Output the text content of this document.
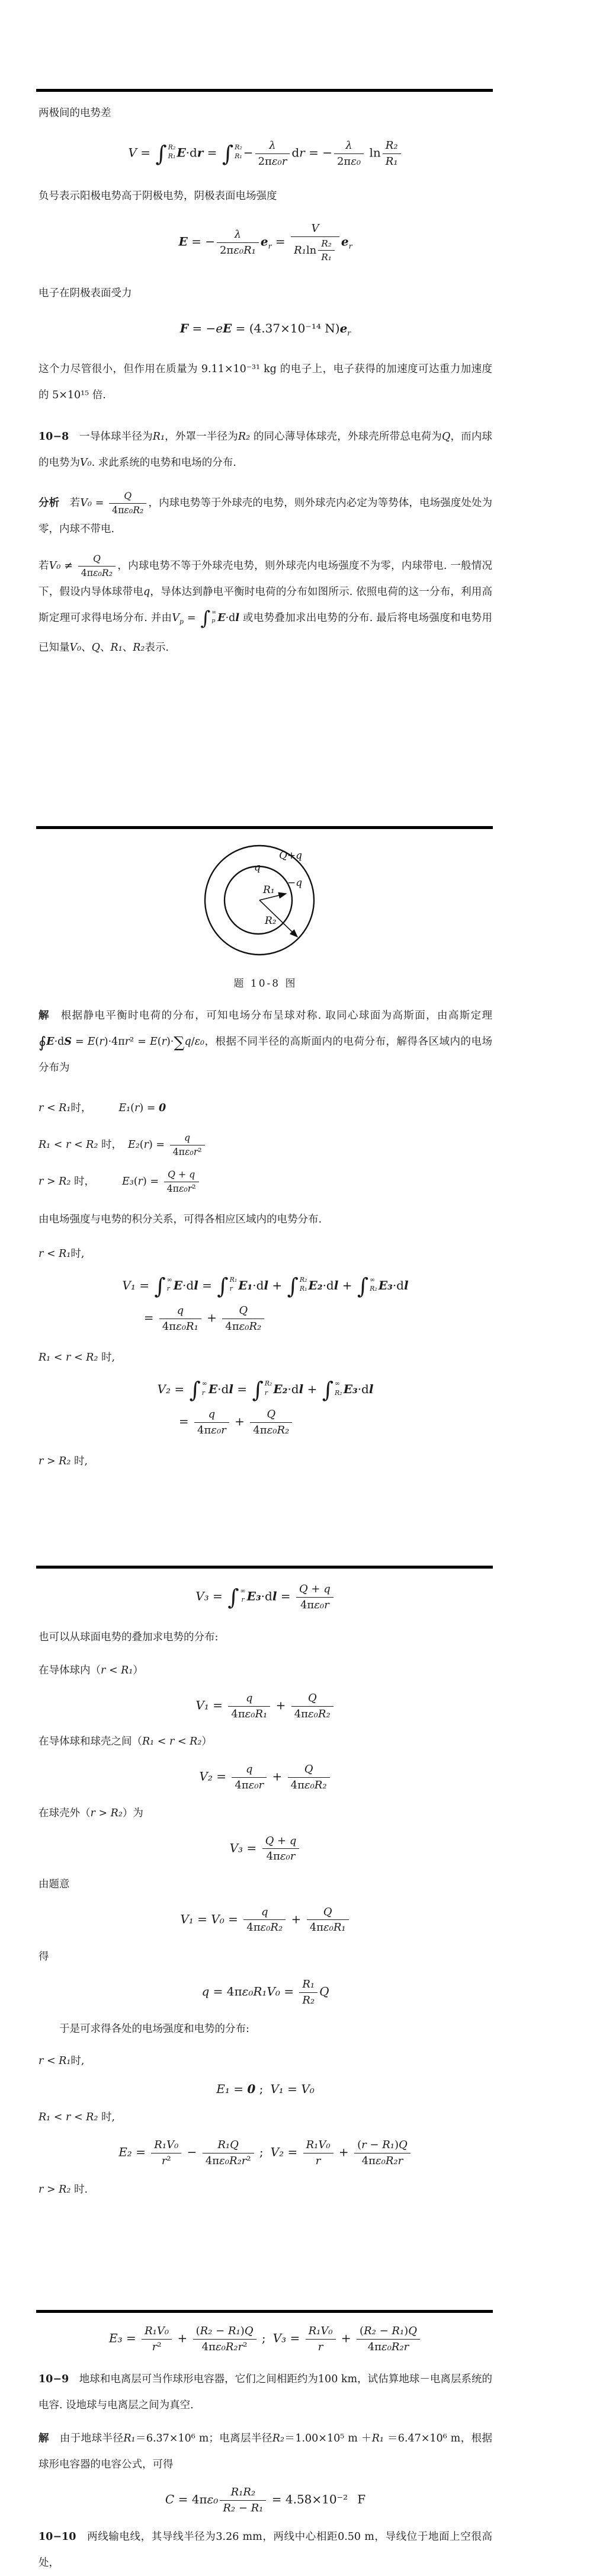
两极间的电势差
V = ∫ R₂
R₁ E·dr = ∫ R₂
$R_1 - \frac{\lambda}{\text{2πε₀r}}$ dr = − $\frac{\lambda}{\text{2πε₀}}$ $\ln \frac{\text{R₂}}{\text{R₁}}$
负号表示阳极电势高于阴极电势，阴极表面电场强度
E = − $\frac{\lambda}{\text{2πε₀R₁}} e_r = \frac{V}{R_1\ln \frac{\text{R₂}}{\text{R₁}}} e_r$
电子在阴极表面受力
F = −eE = (4.37×10⁻¹⁴ $N)e_r$
这个力尽管很小，但作用在质量为 9.11×10⁻³¹ kg 的电子上，电子获得的加速度可达重力加速度的 5×10¹⁵ 倍.
10−8　一导体球半径为R₁，外罩一半径为R₂ 的同心薄导体球壳，外球壳所带总电荷为Q，而内球的电势为V₀. 求此系统的电势和电场的分布.
分析　若$V_0 = \frac{Q}{\text{4πε₀R₂}}$ ，内球电势等于外球壳的电势，则外球壳内必定为等势体，电场强度处处为零，内球不带电.
若$V_0 \ne \frac{Q}{\text{4πε₀R₂}}$ ，内球电势不等于外球壳电势，则外球壳内电场强度不为零，内球带电. 一般情况下，假设内导体球带电q，导体达到静电平衡时电荷的分布如图所示. 依照电荷的这一分布，利用高斯定理可求得电场分布. 并由$V_p$ = ∫ ∞
p E·dl 或电势叠加求出电势的分布. 最后将电场强度和电势用已知量V₀、Q、R₁、R₂表示.
Q+q
q
−q
R₁
R₂
题 10-8 图
解　根据静电平衡时电荷的分布，可知电场分布呈球对称. 取同心球面为高斯面，由高斯定理 ∮E·dS = E(r)·4πr² = E(r)·∑q/ε₀，根据不同半径的高斯面内的电荷分布，解得各区域内的电场分布为
r < R₁时，	E₁(r) = 0
R₁ < r < R₂ 时， $E_2(r) = \frac{q}{\text{4πε₀r²}}$
r > R₂ 时，	$E_3(r) = \frac{Q + q}{\text{4πε₀r²}}$
由电场强度与电势的积分关系，可得各相应区域内的电势分布.
r < R₁时,
V₁ = ∫ ∞
r E·dl = ∫ R₁
r E₁·dl + ∫ R₂
R₁ E₂·dl + ∫ ∞
R₂ E₃·dl
= $\frac{q}{\text{4πε₀R₁}} + \frac{Q}{\text{4πε₀R₂}}$
R₁ < r < R₂ 时,
V₂ = ∫ ∞
r E·dl = ∫ R₂
r E₂·dl + ∫ ∞
R₂ E₃·dl
= $\frac{q}{\text{4πε₀r}} + \frac{Q}{\text{4πε₀R₂}}$
r > R₂ 时,
V₃ = ∫ ∞
r $E_3\cdot dl = \frac{Q + q}{\text{4πε₀r}}$
也可以从球面电势的叠加求电势的分布:
在导体球内（r < R₁）
$V_1 = \frac{q}{\text{4πε₀R₁}} + \frac{Q}{\text{4πε₀R₂}}$
在导体球和球壳之间（R₁ < r < R₂）
$V_2 = \frac{q}{\text{4πε₀r}} + \frac{Q}{\text{4πε₀R₂}}$
在球壳外（r > R₂）为
$V_3 = \frac{Q + q}{\text{4πε₀r}}$
由题意
$V_1 = V_0 = \frac{q}{\text{4πε₀R₂}} + \frac{Q}{\text{4πε₀R₁}}$
得
$q = 4\pi\varepsilon_0R_1V_0 = \frac{\text{R₁}}{\text{R₂}}$ Q
　　于是可求得各处的电场强度和电势的分布:
r < R₁时,
E₁ = 0 ; V₁ = V₀
R₁ < r < R₂ 时,
$E_2 = \frac{\text{R₁V₀}}{\text{r²}} - \frac{\text{R₁Q}}{\text{4πε₀R₂r²}}$ ; $V_2 = \frac{\text{R₁V₀}}{r} + \frac{\text{(r − R₁)Q}}{\text{4πε₀R₂r}}$
r > R₂ 时.
$E_3 = \frac{\text{R₁V₀}}{\text{r²}} + \frac{\text{(R₂ − R₁)Q}}{\text{4πε₀R₂r²}}$ ; $V_3 = \frac{\text{R₁V₀}}{r} + \frac{\text{(R₂ − R₁)Q}}{\text{4πε₀R₂r}}$
10−9　地球和电离层可当作球形电容器，它们之间相距约为100 km，试估算地球－电离层系统的电容. 设地球与电离层之间为真空.
解　由于地球半径R₁＝6.37×10⁶ m；电离层半径R₂＝1.00×10⁵ m ＋R₁ ＝6.47×10⁶ m，根据球形电容器的电容公式，可得
$C = 4\pi\varepsilon_0 \frac{\text{R₁R₂}}{\text{R₂ − R₁}} = 4.58\times 10^{-2}$ F
10−10　两线输电线，其导线半径为3.26 mm，两线中心相距0.50 m，导线位于地面上空很高处，
